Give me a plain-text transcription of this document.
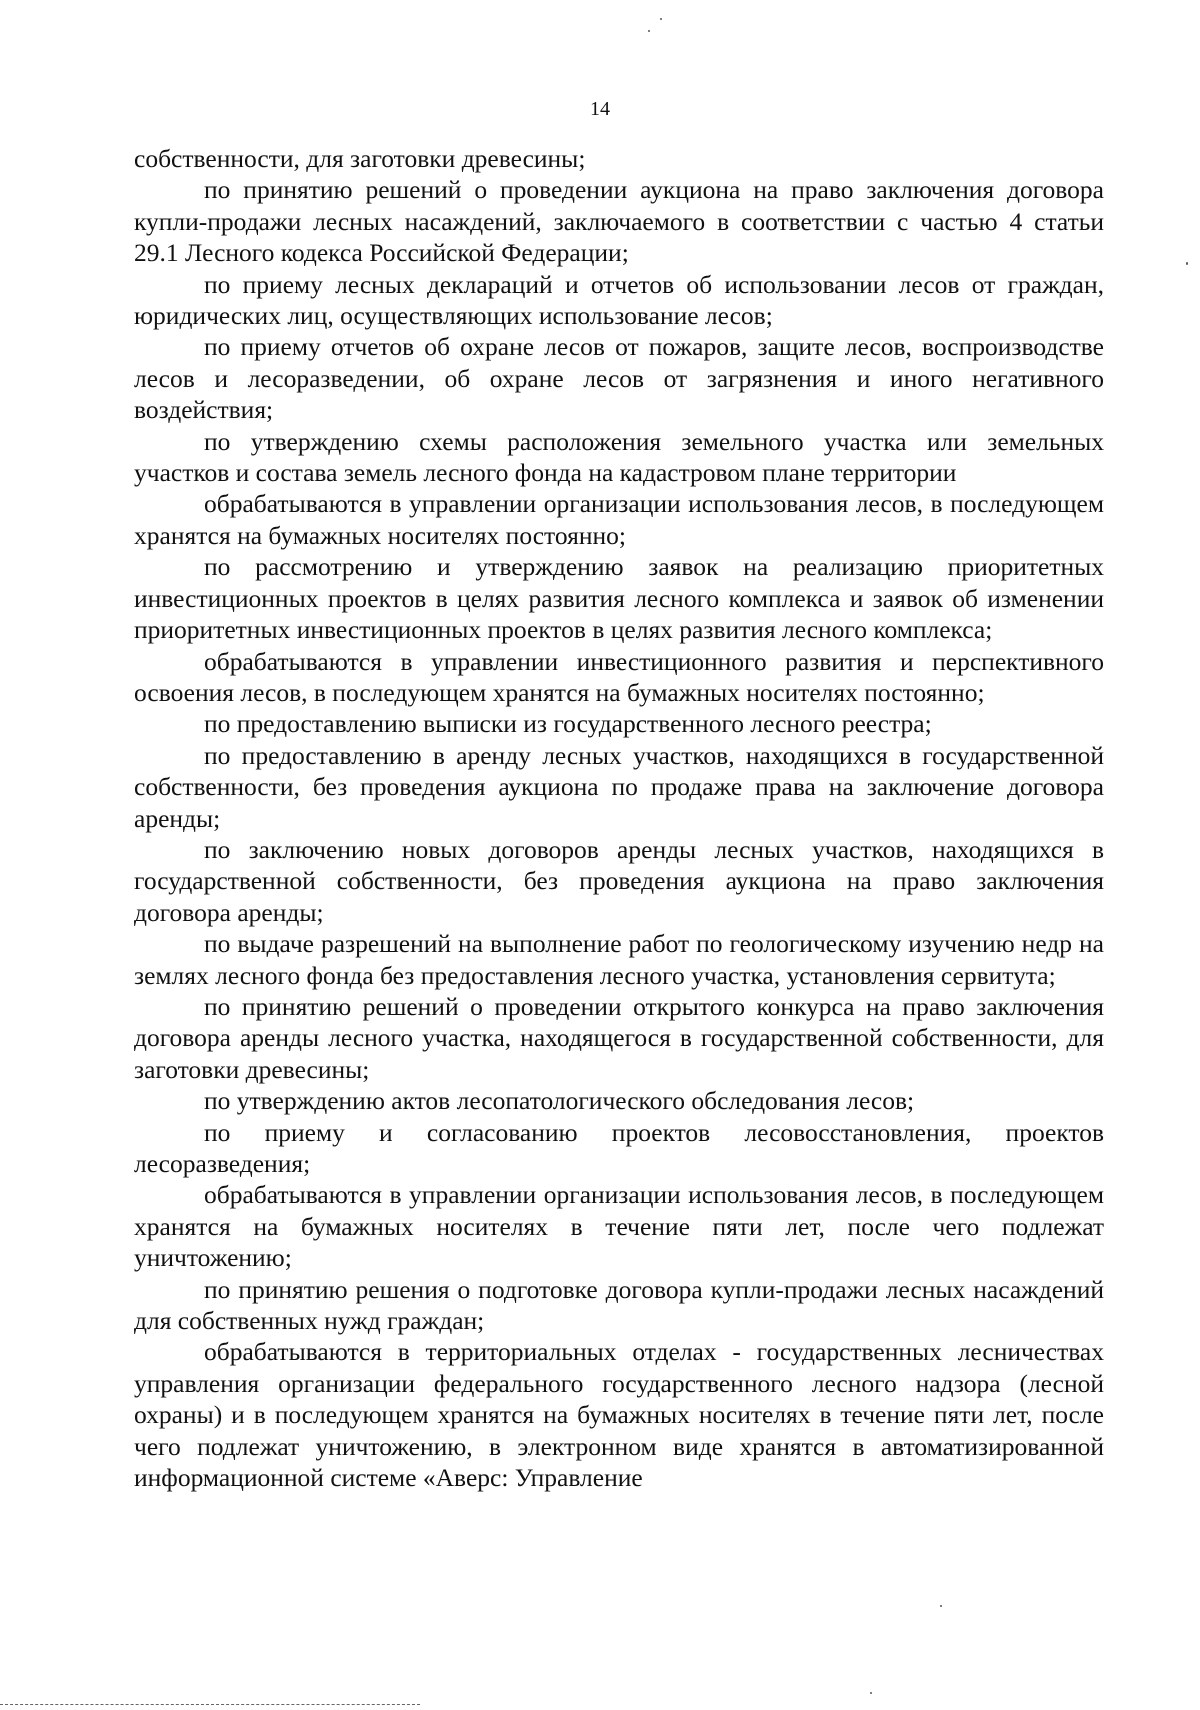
14

собственности, для заготовки древесины;

по принятию решений о проведении аукциона на право заключения договора купли-продажи лесных насаждений, заключаемого в соответствии с частью 4 статьи 29.1 Лесного кодекса Российской Федерации;

по приему лесных деклараций и отчетов об использовании лесов от граждан, юридических лиц, осуществляющих использование лесов;

по приему отчетов об охране лесов от пожаров, защите лесов, воспроизводстве лесов и лесоразведении, об охране лесов от загрязнения и иного негативного воздействия;

по утверждению схемы расположения земельного участка или земельных участков и состава земель лесного фонда на кадастровом плане территории

обрабатываются в управлении организации использования лесов, в последующем хранятся на бумажных носителях постоянно;

по рассмотрению и утверждению заявок на реализацию приоритетных инвестиционных проектов в целях развития лесного комплекса и заявок об изменении приоритетных инвестиционных проектов в целях развития лесного комплекса;

обрабатываются в управлении инвестиционного развития и перспективного освоения лесов, в последующем хранятся на бумажных носителях постоянно;

по предоставлению выписки из государственного лесного реестра;

по предоставлению в аренду лесных участков, находящихся в государственной собственности, без проведения аукциона по продаже права на заключение договора аренды;

по заключению новых договоров аренды лесных участков, находящихся в государственной собственности, без проведения аукциона на право заключения договора аренды;

по выдаче разрешений на выполнение работ по геологическому изучению недр на землях лесного фонда без предоставления лесного участка, установления сервитута;

по принятию решений о проведении открытого конкурса на право заключения договора аренды лесного участка, находящегося в государственной собственности, для заготовки древесины;

по утверждению актов лесопатологического обследования лесов;

по приему и согласованию проектов лесовосстановления, проектов лесоразведения;

обрабатываются в управлении организации использования лесов, в последующем хранятся на бумажных носителях в течение пяти лет, после чего подлежат уничтожению;

по принятию решения о подготовке договора купли-продажи лесных насаждений для собственных нужд граждан;

обрабатываются в территориальных отделах - государственных лесничествах управления организации федерального государственного лесного надзора (лесной охраны) и в последующем хранятся на бумажных носителях в течение пяти лет, после чего подлежат уничтожению, в электронном виде хранятся в автоматизированной информационной системе «Аверс: Управление
